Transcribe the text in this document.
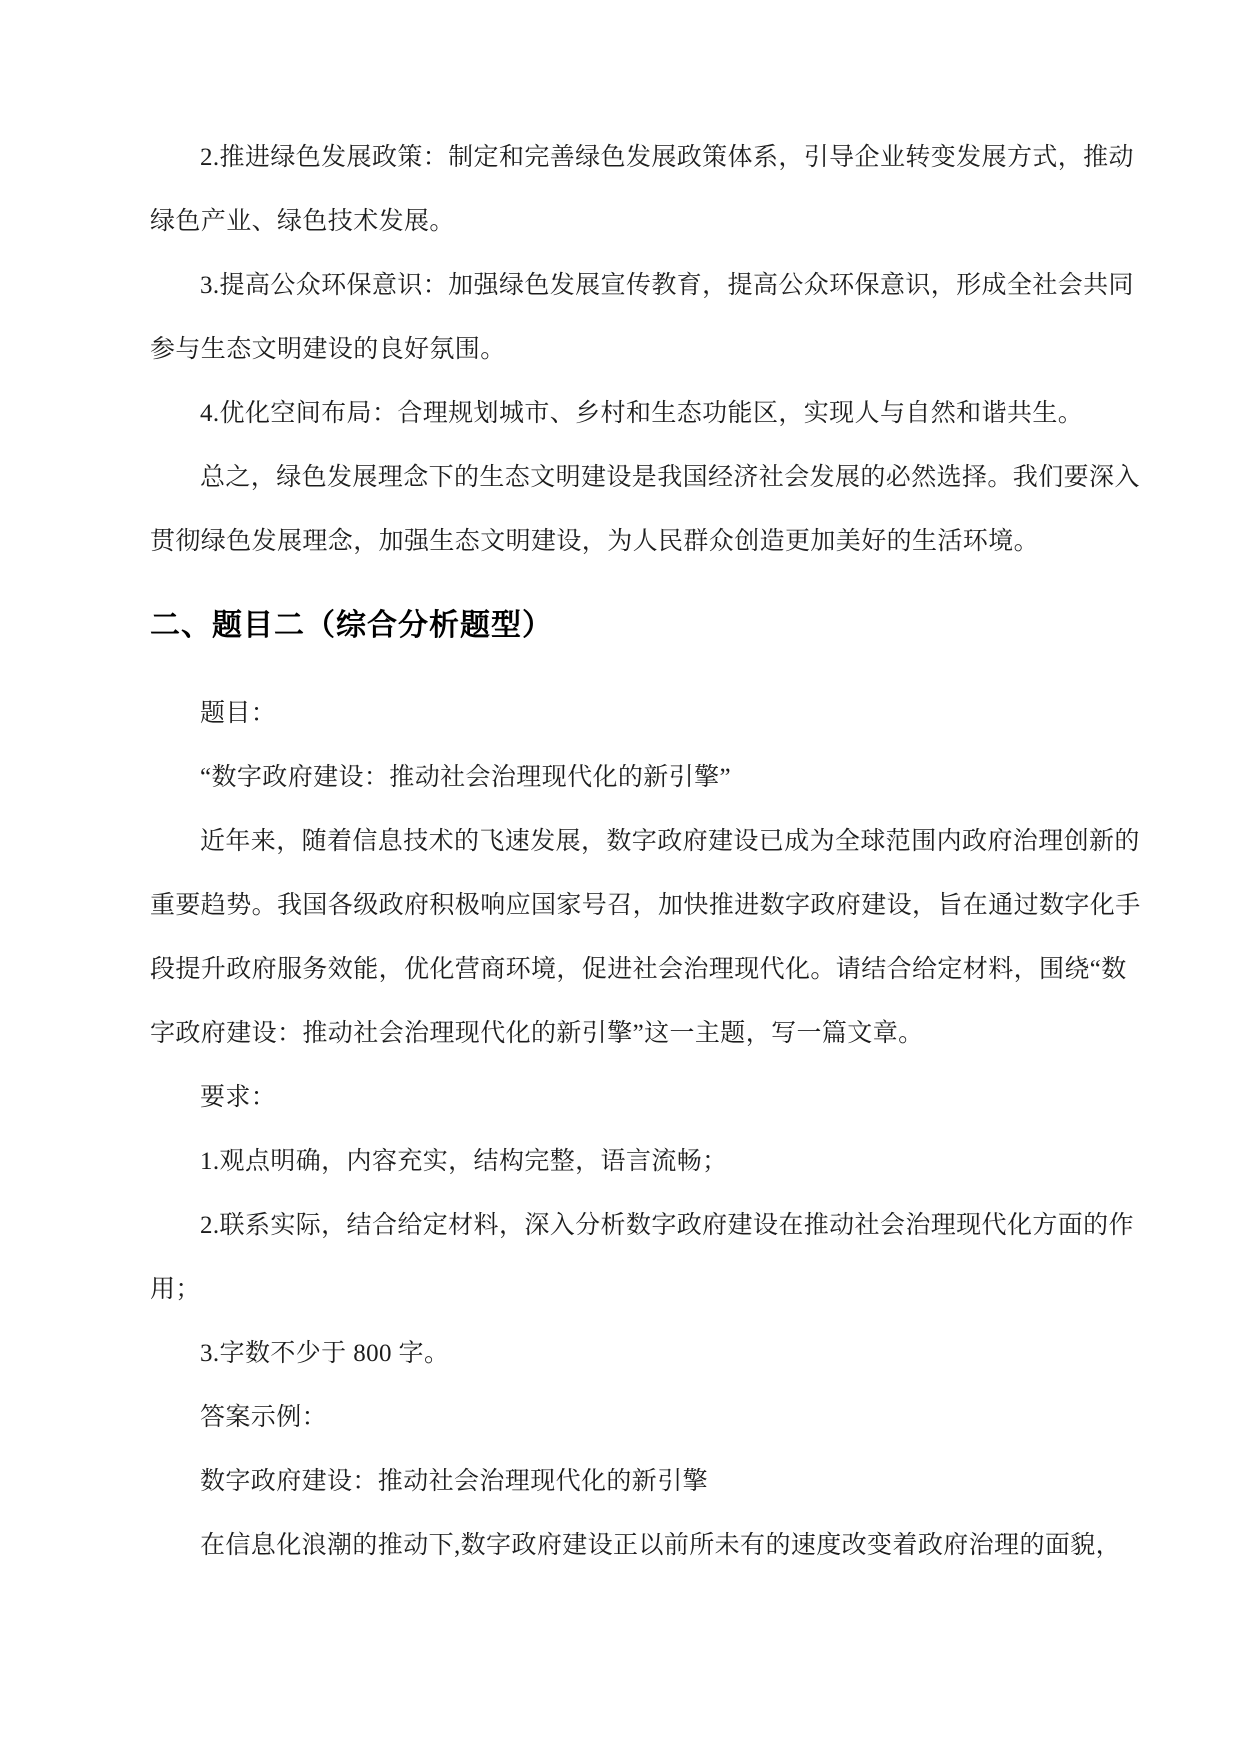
2.推进绿色发展政策：制定和完善绿色发展政策体系，引导企业转变发展方式，推动绿色产业、绿色技术发展。

3.提高公众环保意识：加强绿色发展宣传教育，提高公众环保意识，形成全社会共同参与生态文明建设的良好氛围。

4.优化空间布局：合理规划城市、乡村和生态功能区，实现人与自然和谐共生。

总之，绿色发展理念下的生态文明建设是我国经济社会发展的必然选择。我们要深入贯彻绿色发展理念，加强生态文明建设，为人民群众创造更加美好的生活环境。

二、题目二（综合分析题型）

题目：

“数字政府建设：推动社会治理现代化的新引擎”

近年来，随着信息技术的飞速发展，数字政府建设已成为全球范围内政府治理创新的重要趋势。我国各级政府积极响应国家号召，加快推进数字政府建设，旨在通过数字化手段提升政府服务效能，优化营商环境，促进社会治理现代化。请结合给定材料，围绕“数字政府建设：推动社会治理现代化的新引擎”这一主题，写一篇文章。

要求：

1.观点明确，内容充实，结构完整，语言流畅；

2.联系实际，结合给定材料，深入分析数字政府建设在推动社会治理现代化方面的作用；

3.字数不少于 800 字。

答案示例：

数字政府建设：推动社会治理现代化的新引擎

在信息化浪潮的推动下,数字政府建设正以前所未有的速度改变着政府治理的面貌，
